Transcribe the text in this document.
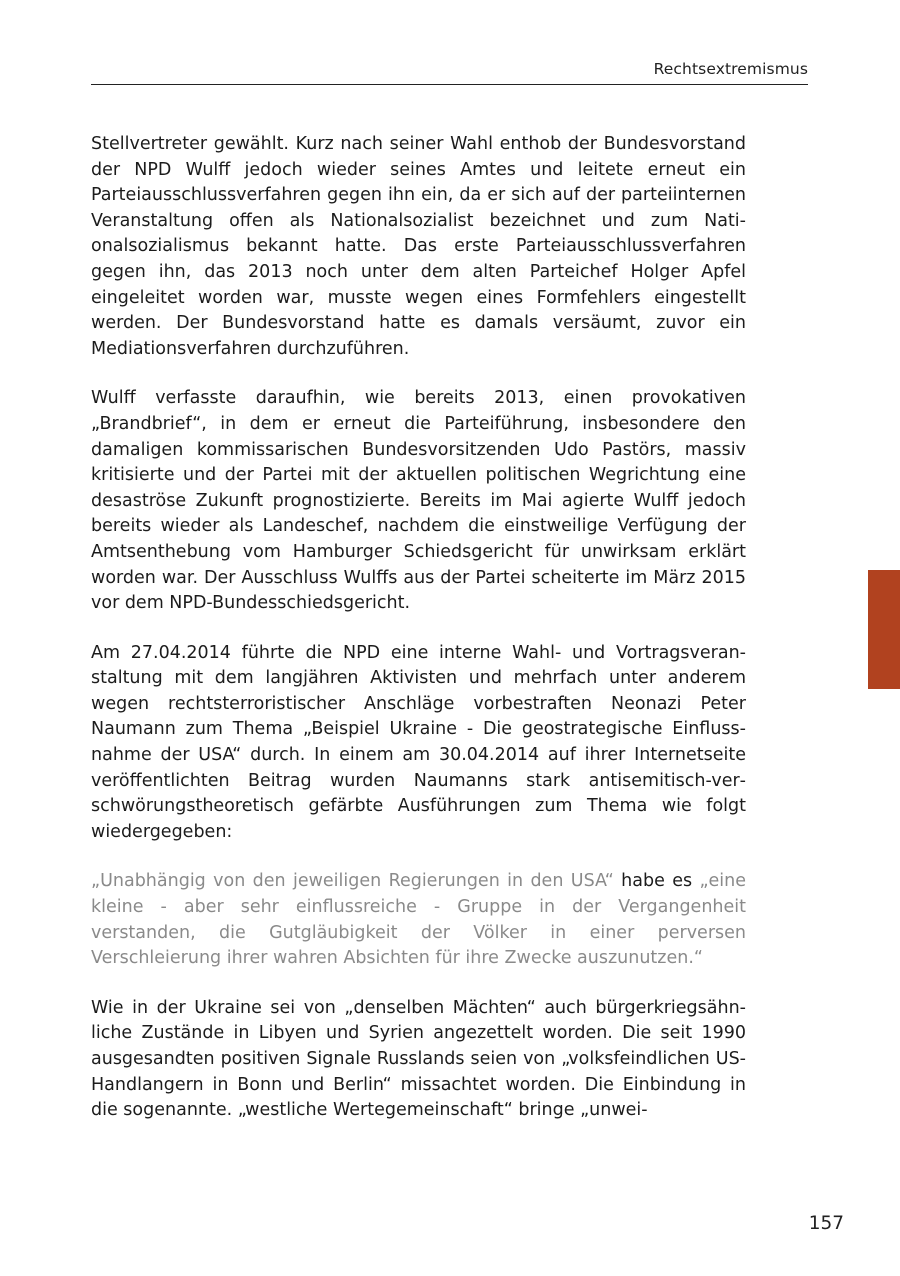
Rechtsextremismus

Stellvertreter gewählt. Kurz nach seiner Wahl enthob der Bundesvorstand der NPD Wulff jedoch wieder seines Amtes und leitete erneut ein Parteiausschlussverfahren gegen ihn ein, da er sich auf der parteiinternen Veranstaltung offen als Nationalsozialist bezeichnet und zum Nationalsozialismus bekannt hatte. Das erste Parteiausschlussverfahren gegen ihn, das 2013 noch unter dem alten Parteichef Holger Apfel eingeleitet worden war, musste wegen eines Formfehlers eingestellt werden. Der Bundesvorstand hatte es damals versäumt, zuvor ein Mediationsverfahren durchzuführen.

Wulff verfasste daraufhin, wie bereits 2013, einen provokativen „Brandbrief“, in dem er erneut die Parteiführung, insbesondere den damaligen kommissarischen Bundesvorsitzenden Udo Pastörs, massiv kritisierte und der Partei mit der aktuellen politischen Wegrichtung eine desaströse Zukunft prognostizierte. Bereits im Mai agierte Wulff jedoch bereits wieder als Landeschef, nachdem die einstweilige Verfügung der Amtsenthebung vom Hamburger Schiedsgericht für unwirksam erklärt worden war. Der Ausschluss Wulffs aus der Partei scheiterte im März 2015 vor dem NPD-Bundesschiedsgericht.

Am 27.04.2014 führte die NPD eine interne Wahl- und Vortragsveranstaltung mit dem langjähren Aktivisten und mehrfach unter anderem wegen rechtsterroristischer Anschläge vorbestraften Neonazi Peter Naumann zum Thema „Beispiel Ukraine - Die geostrategische Einflussnahme der USA“ durch. In einem am 30.04.2014 auf ihrer Internetseite veröffentlichten Beitrag wurden Naumanns stark antisemitisch-verschwörungstheoretisch gefärbte Ausführungen zum Thema wie folgt wiedergegeben:

„Unabhängig von den jeweiligen Regierungen in den USA“ habe es „eine kleine - aber sehr einflussreiche - Gruppe in der Vergangenheit verstanden, die Gutgläubigkeit der Völker in einer perversen Verschleierung ihrer wahren Absichten für ihre Zwecke auszunutzen.“

Wie in der Ukraine sei von „denselben Mächten“ auch bürgerkriegsähnliche Zustände in Libyen und Syrien angezettelt worden. Die seit 1990 ausgesandten positiven Signale Russlands seien von „volksfeindlichen US-Handlangern in Bonn und Berlin“ missachtet worden. Die Einbindung in die sogenannte. „westliche Wertegemeinschaft“ bringe „unwei-

157
